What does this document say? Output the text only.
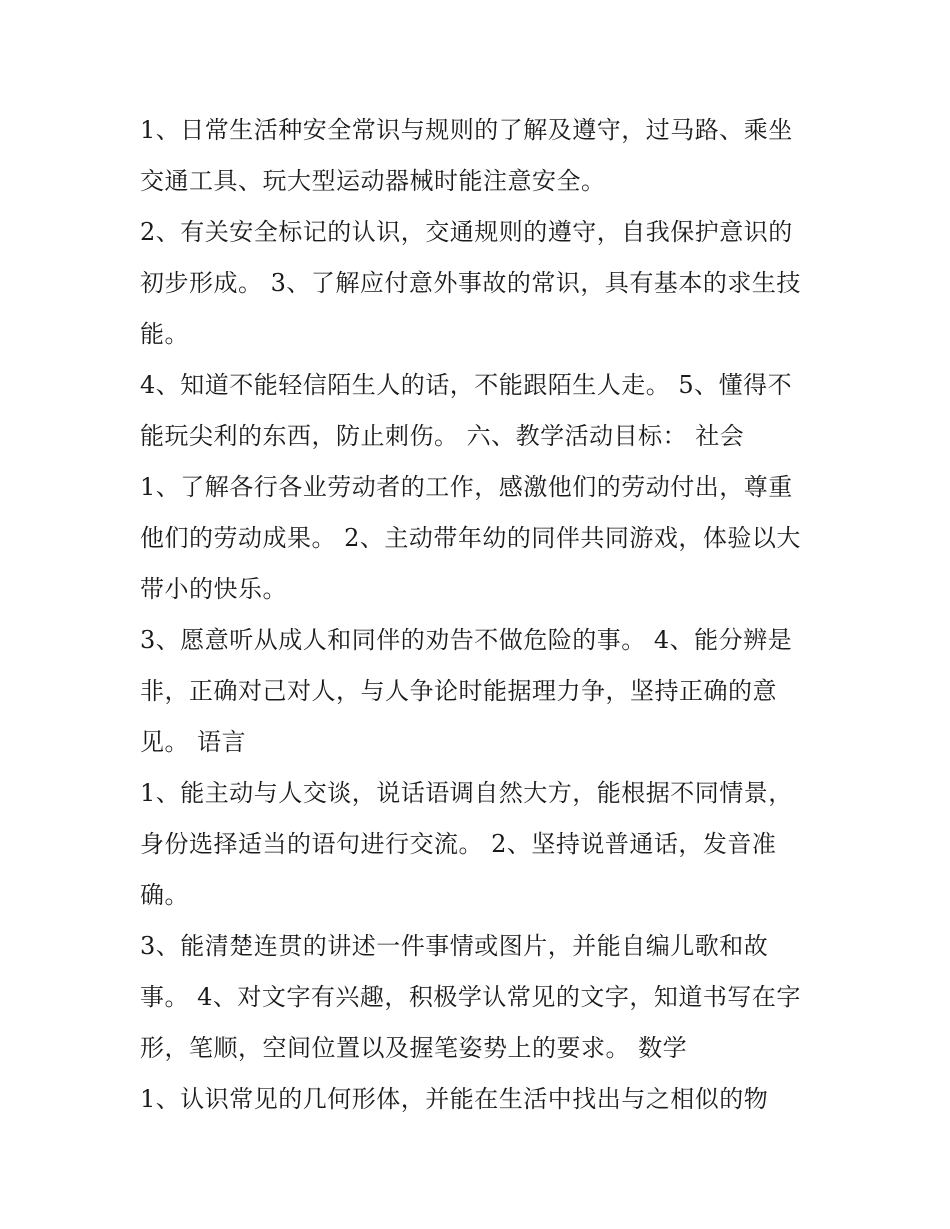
1、日常生活种安全常识与规则的了解及遵守，过马路、乘坐
交通工具、玩大型运动器械时能注意安全。
2、有关安全标记的认识，交通规则的遵守，自我保护意识的
初步形成。 3、了解应付意外事故的常识，具有基本的求生技
能。
4、知道不能轻信陌生人的话，不能跟陌生人走。 5、懂得不
能玩尖利的东西，防止刺伤。 六、教学活动目标： 社会
1、了解各行各业劳动者的工作，感激他们的劳动付出，尊重
他们的劳动成果。 2、主动带年幼的同伴共同游戏，体验以大
带小的快乐。
3、愿意听从成人和同伴的劝告不做危险的事。 4、能分辨是
非，正确对己对人，与人争论时能据理力争，坚持正确的意
见。 语言
1、能主动与人交谈，说话语调自然大方，能根据不同情景，
身份选择适当的语句进行交流。 2、坚持说普通话，发音准
确。
3、能清楚连贯的讲述一件事情或图片，并能自编儿歌和故
事。 4、对文字有兴趣，积极学认常见的文字，知道书写在字
形，笔顺，空间位置以及握笔姿势上的要求。 数学
1、认识常见的几何形体，并能在生活中找出与之相似的物
